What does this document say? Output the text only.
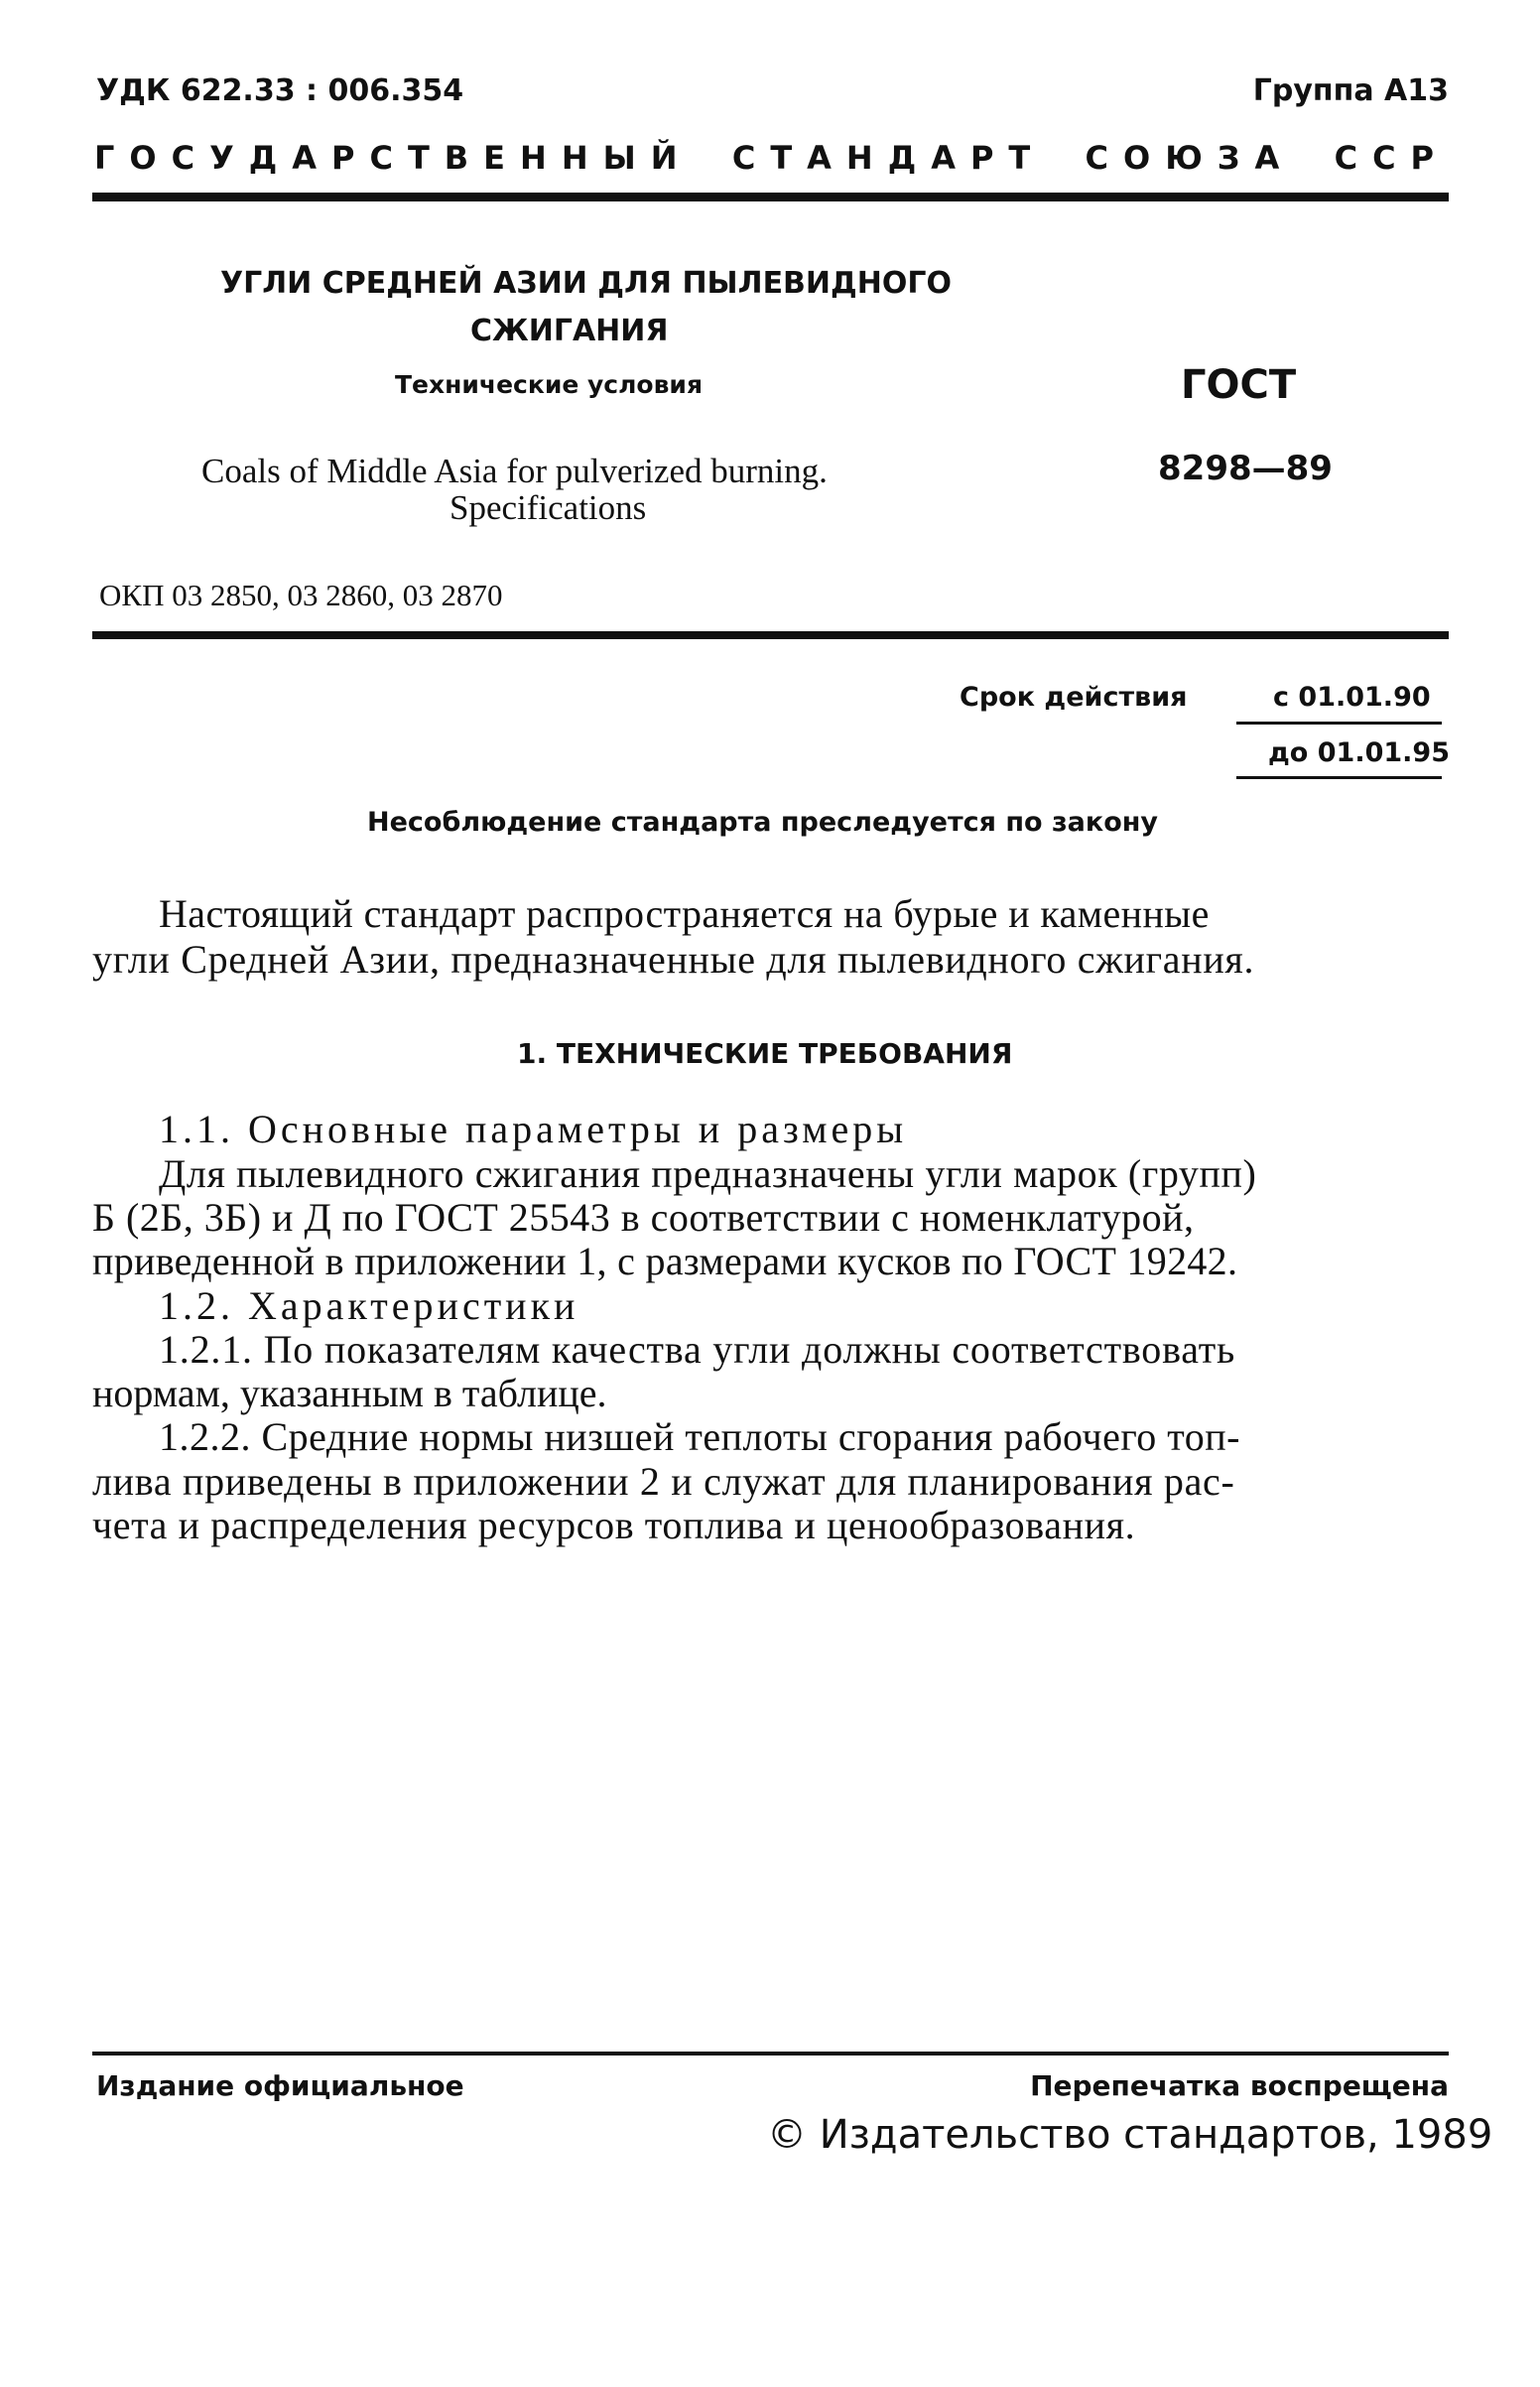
УДК 622.33 : 006.354	Группа А13
ГОСУДАРСТВЕННЫЙ СТАНДАРТ СОЮЗА ССР
УГЛИ СРЕДНЕЙ АЗИИ ДЛЯ ПЫЛЕВИДНОГО
СЖИГАНИЯ
Технические условия	ГОСТ
Coals of Middle Asia for pulverized burning.
Specifications
8298—89
ОКП 03 2850, 03 2860, 03 2870
Срок действия	с 01.01.90
до 01.01.95
Несоблюдение стандарта преследуется по закону
Настоящий стандарт распространяется на бурые и каменные
угли Средней Азии, предназначенные для пылевидного сжигания.
1. ТЕХНИЧЕСКИЕ ТРЕБОВАНИЯ
1.1. Основные параметры и размеры
Для пылевидного сжигания предназначены угли марок (групп)
Б (2Б, 3Б) и Д по ГОСТ 25543 в соответствии с номенклатурой,
приведенной в приложении 1, с размерами кусков по ГОСТ 19242.
1.2. Характеристики
1.2.1. По показателям качества угли должны соответствовать
нормам, указанным в таблице.
1.2.2. Средние нормы низшей теплоты сгорания рабочего топ-
лива приведены в приложении 2 и служат для планирования рас-
чета и распределения ресурсов топлива и ценообразования.
Издание официальное	Перепечатка воспрещена
© Издательство стандартов, 1989
